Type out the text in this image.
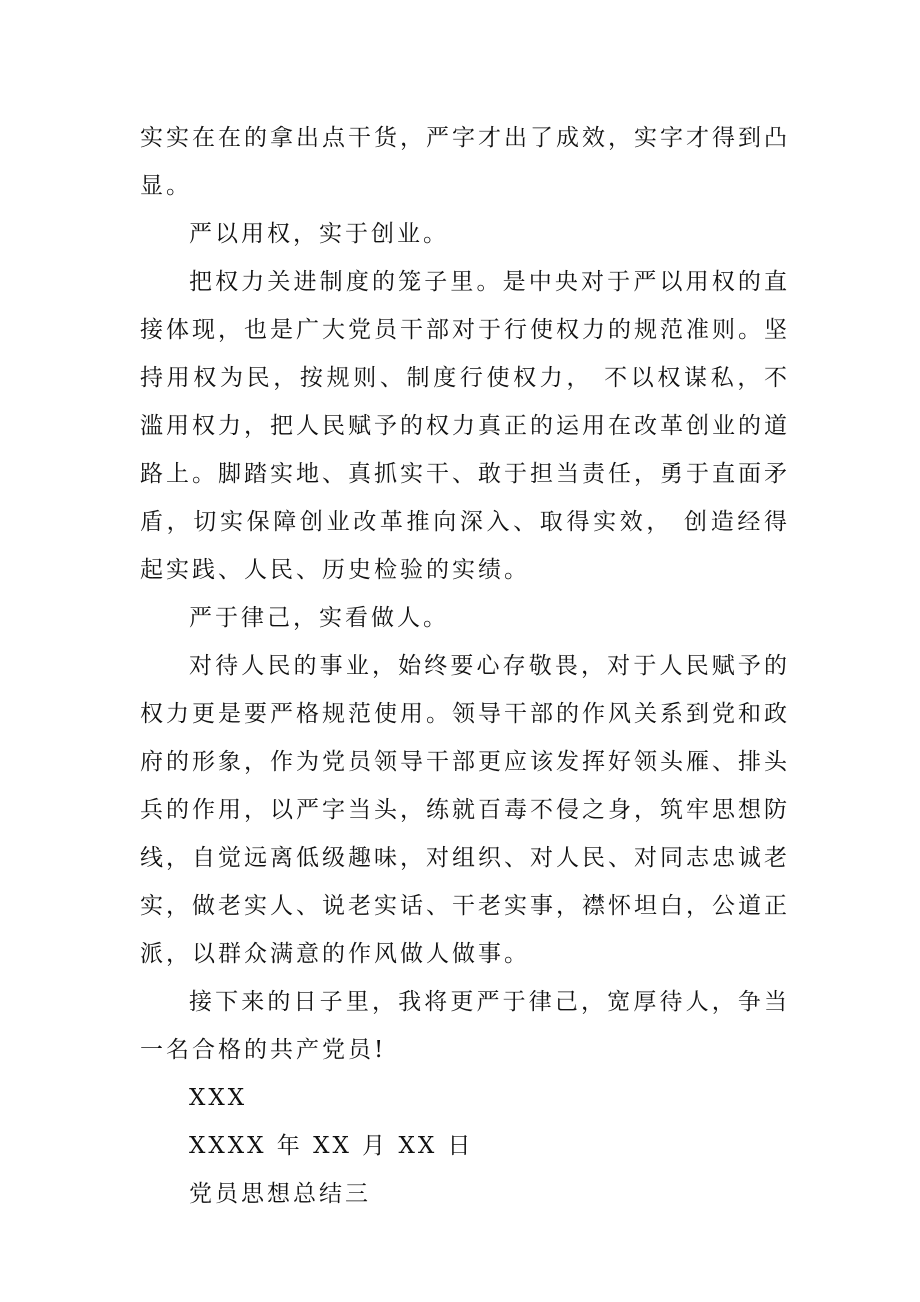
实实在在的拿出点干货，严字才出了成效，实字才得到凸显。

严以用权，实于创业。

把权力关进制度的笼子里。是中央对于严以用权的直接体现，也是广大党员干部对于行使权力的规范准则。坚持用权为民，按规则、制度行使权力， 不以权谋私，不滥用权力，把人民赋予的权力真正的运用在改革创业的道路上。脚踏实地、真抓实干、敢于担当责任，勇于直面矛盾，切实保障创业改革推向深入、取得实效， 创造经得起实践、人民、历史检验的实绩。

严于律己，实看做人。

对待人民的事业，始终要心存敬畏，对于人民赋予的权力更是要严格规范使用。领导干部的作风关系到党和政府的形象，作为党员领导干部更应该发挥好领头雁、排头兵的作用，以严字当头，练就百毒不侵之身，筑牢思想防线，自觉远离低级趣味，对组织、对人民、对同志忠诚老实，做老实人、说老实话、干老实事，襟怀坦白，公道正派，以群众满意的作风做人做事。

接下来的日子里，我将更严于律己，宽厚待人，争当一名合格的共产党员!

XXX

XXXX 年 XX 月 XX 日

党员思想总结三
